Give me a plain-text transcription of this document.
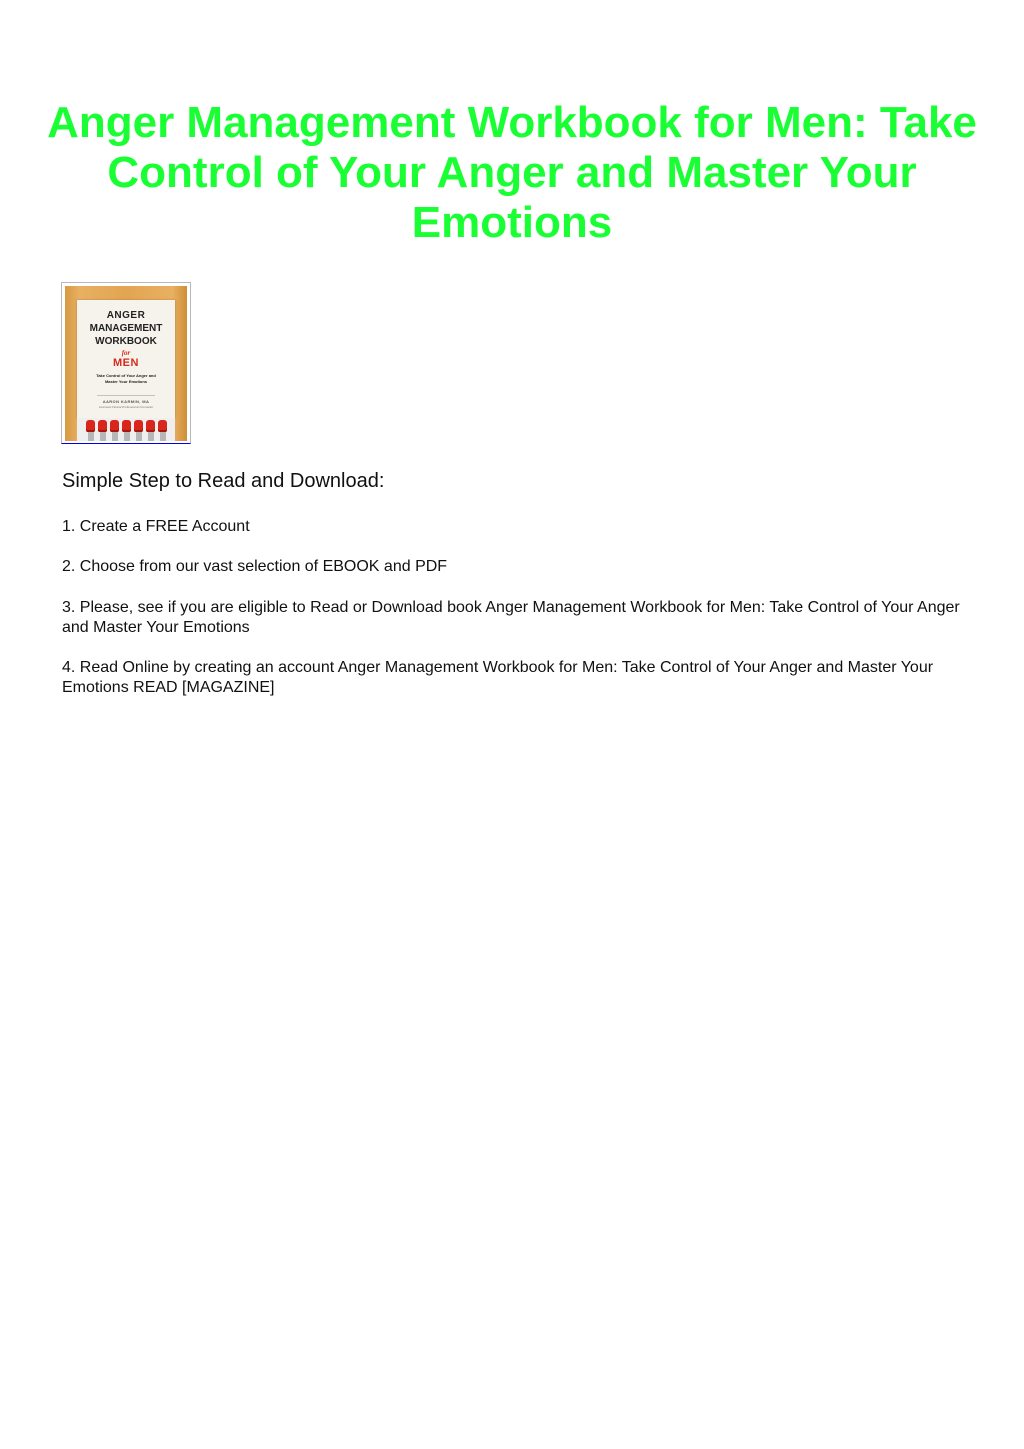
Anger Management Workbook for Men: Take Control of Your Anger and Master Your Emotions
ANGER
MANAGEMENT
WORKBOOK
for
MEN
Take Control of Your Anger and
Master Your Emotions
AARON KARMIN, MA
Licensed Clinical Professional Counselor
Simple Step to Read and Download:

1. Create a FREE Account

2. Choose from our vast selection of EBOOK and PDF

3. Please, see if you are eligible to Read or Download book Anger Management Workbook for Men: Take Control of Your Anger and Master Your Emotions

4. Read Online by creating an account Anger Management Workbook for Men: Take Control of Your Anger and Master Your Emotions READ [MAGAZINE]
